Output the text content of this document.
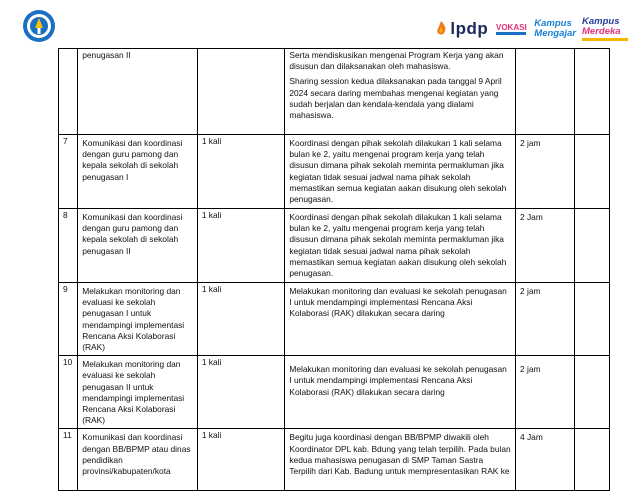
lpdp VOKASI Kampus
Mengajar
Kampus
Merdeka
	penugasan II		Serta mendiskusikan mengenai Program Kerja yang akan disusun dan dilaksanakan oleh mahasiswa.

Sharing session kedua dilaksanakan pada tanggal 9 April 2024 secara daring membahas mengenai kegiatan yang sudah berjalan dan kendala-kendala yang dialami mahasiswa.		

7	Komunikasi dan koordinasi dengan guru pamong dan kepala sekolah di sekolah penugasan I	1 kali	Koordinasi dengan pihak sekolah dilakukan 1 kali selama bulan ke 2, yaitu mengenai program kerja yang telah disusun dimana pihak sekolah meminta permakluman jika kegiatan tidak sesuai jadwal nama pihak sekolah memastikan semua kegiatan aakan disukung oleh sekolah penugasan.	2 jam	

8	Komunikasi dan koordinasi dengan guru pamong dan kepala sekolah di sekolah penugasan II	1 kali	Koordinasi dengan pihak sekolah dilakukan 1 kali selama bulan ke 2, yaitu mengenai program kerja yang telah disusun dimana pihak sekolah meminta permakluman jika kegiatan tidak sesuai jadwal nama pihak sekolah memastikan semua kegiatan aakan disukung oleh sekolah penugasan.	2 Jam	

9	Melakukan monitoring dan evaluasi ke sekolah penugasan I untuk mendampingi implementasi Rencana Aksi Kolaborasi (RAK)	1 kali	Melakukan monitoring dan evaluasi ke sekolah penugasan I untuk mendampingi implementasi Rencana Aksi Kolaborasi (RAK) dilakukan secara daring	2 jam	

10	Melakukan monitoring dan evaluasi ke sekolah penugasan II untuk mendampingi implementasi Rencana Aksi Kolaborasi (RAK)	1 kali	Melakukan monitoring dan evaluasi ke sekolah penugasan I untuk mendampingi implementasi Rencana Aksi Kolaborasi (RAK) dilakukan secara daring	2 jam	

11	Komunikasi dan koordinasi dengan BB/BPMP atau dinas pendidikan provinsi/kabupaten/kota	1 kali	Begitu juga koordinasi dengan BB/BPMP diwakili oleh Koordinator DPL kab. Bdung yang telah terpilih. Pada bulan kedua mahasiswa penugasan di SMP Taman Sastra Terpilih dari Kab. Badung untuk mempresentasikan RAK ke	4 Jam	
